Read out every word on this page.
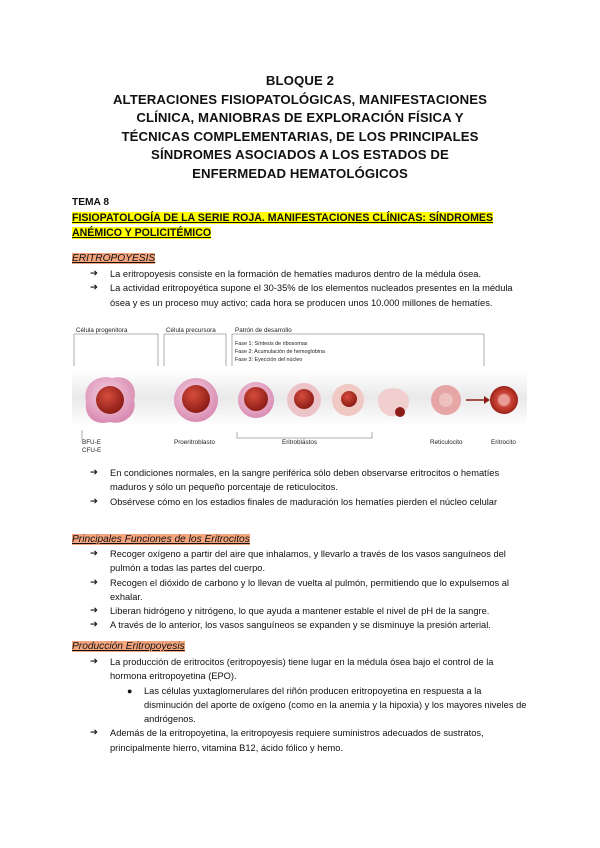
BLOQUE 2
ALTERACIONES FISIOPATOLÓGICAS, MANIFESTACIONES
CLÍNICA, MANIOBRAS DE EXPLORACIÓN FÍSICA Y
TÉCNICAS COMPLEMENTARIAS, DE LOS PRINCIPALES
SÍNDROMES ASOCIADOS A LOS ESTADOS DE
ENFERMEDAD HEMATOLÓGICOS
TEMA 8
FISIOPATOLOGÍA DE LA SERIE ROJA. MANIFESTACIONES CLÍNICAS: SÍNDROMES
ANÉMICO Y POLICITÉMICO
ERITROPOYESIS
➔ La eritropoyesis consiste en la formación de hematíes maduros dentro de la médula ósea.
➔ La actividad eritropoyética supone el 30-35% de los elementos nucleados presentes en la médula ósea y es un proceso muy activo; cada hora se producen unos 10.000 millones de hematíes.
Célula progenitora	Célula precursora	Patrón de desarrollo
Fase 1: Síntesis de ribosomas
Fase 2: Acumulación de hemoglobina
Fase 3: Eyección del núcleo
BFU-E
CFU-E
Proeritroblasto	Eritroblastos	Reticulocito	Eritrocito
➔ En condiciones normales, en la sangre periférica sólo deben observarse eritrocitos o hematíes maduros y sólo un pequeño porcentaje de reticulocitos.
➔ Obsérvese cómo en los estadios finales de maduración los hematíes pierden el núcleo celular
Principales Funciones de los Eritrocitos
➔ Recoger oxígeno a partir del aire que inhalamos, y llevarlo a través de los vasos sanguíneos del pulmón a todas las partes del cuerpo.
➔ Recogen el dióxido de carbono y lo llevan de vuelta al pulmón, permitiendo que lo expulsemos al exhalar.
➔ Liberan hidrógeno y nitrógeno, lo que ayuda a mantener estable el nivel de pH de la sangre.
➔ A través de lo anterior, los vasos sanguíneos se expanden y se disminuye la presión arterial.
Producción Eritropoyesis
➔ La producción de eritrocitos (eritropoyesis) tiene lugar en la médula ósea bajo el control de la hormona eritropoyetina (EPO).
● Las células yuxtaglomerulares del riñón producen eritropoyetina en respuesta a la disminución del aporte de oxígeno (como en la anemia y la hipoxia) y los mayores niveles de andrógenos.
➔ Además de la eritropoyetina, la eritropoyesis requiere suministros adecuados de sustratos, principalmente hierro, vitamina B12, ácido fólico y hemo.
